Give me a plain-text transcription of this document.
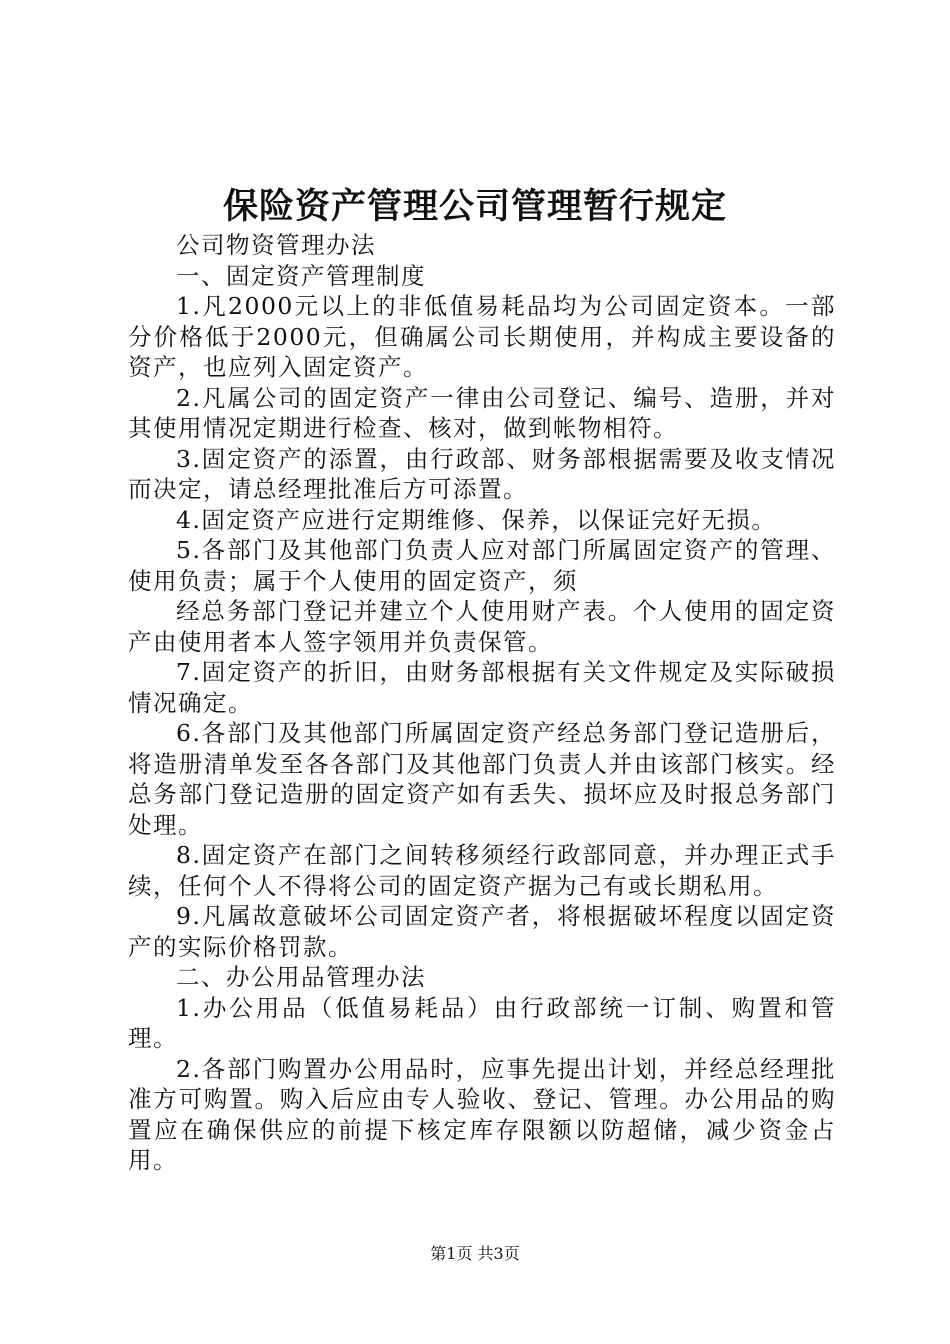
保险资产管理公司管理暂行规定

公司物资管理办法

一、固定资产管理制度

1.凡2000元以上的非低值易耗品均为公司固定资本。一部分价格低于2000元，但确属公司长期使用，并构成主要设备的资产，也应列入固定资产。

2.凡属公司的固定资产一律由公司登记、编号、造册，并对其使用情况定期进行检查、核对，做到帐物相符。

3.固定资产的添置，由行政部、财务部根据需要及收支情况而决定，请总经理批准后方可添置。

4.固定资产应进行定期维修、保养，以保证完好无损。

5.各部门及其他部门负责人应对部门所属固定资产的管理、使用负责；属于个人使用的固定资产，须

经总务部门登记并建立个人使用财产表。个人使用的固定资产由使用者本人签字领用并负责保管。

7.固定资产的折旧，由财务部根据有关文件规定及实际破损情况确定。

6.各部门及其他部门所属固定资产经总务部门登记造册后，将造册清单发至各各部门及其他部门负责人并由该部门核实。经总务部门登记造册的固定资产如有丢失、损坏应及时报总务部门处理。

8.固定资产在部门之间转移须经行政部同意，并办理正式手续，任何个人不得将公司的固定资产据为己有或长期私用。

9.凡属故意破坏公司固定资产者，将根据破坏程度以固定资产的实际价格罚款。

二、办公用品管理办法

1.办公用品（低值易耗品）由行政部统一订制、购置和管理。

2.各部门购置办公用品时，应事先提出计划，并经总经理批准方可购置。购入后应由专人验收、登记、管理。办公用品的购置应在确保供应的前提下核定库存限额以防超储，减少资金占用。

第1页 共3页
